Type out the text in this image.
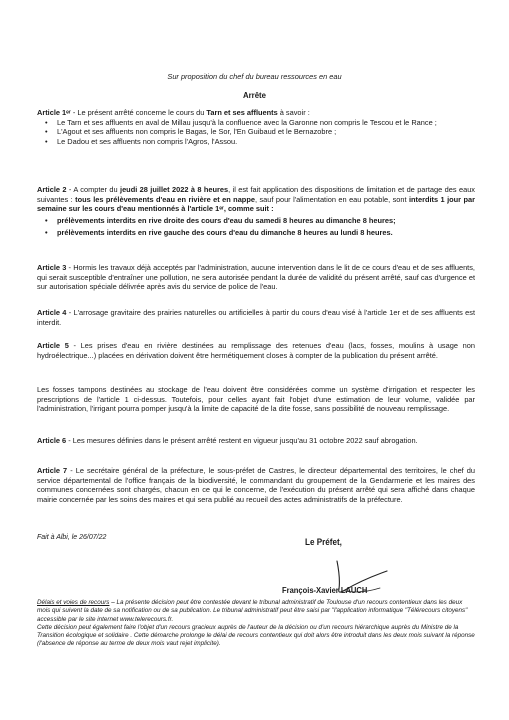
Sur proposition du chef du bureau ressources en eau
Arrête

Article 1ᵉʳ - Le présent arrêté concerne le cours du Tarn et ses affluents à savoir :

• Le Tarn et ses affluents en aval de Millau jusqu'à la confluence avec la Garonne non compris le Tescou et le Rance ;
• L'Agout et ses affluents non compris le Bagas, le Sor, l'En Guibaud et le Bernazobre ;
• Le Dadou et ses affluents non compris l'Agros, l'Assou.

Article 2 - A compter du jeudi 28 juillet 2022 à 8 heures, il est fait application des dispositions de limitation et de partage des eaux suivantes : tous les prélèvements d'eau en rivière et en nappe, sauf pour l'alimentation en eau potable, sont interdits 1 jour par semaine sur les cours d'eau mentionnés à l'article 1ᵉʳ, comme suit :

• prélèvements interdits en rive droite des cours d'eau du samedi 8 heures au dimanche 8 heures;
• prélèvements interdits en rive gauche des cours d'eau du dimanche 8 heures au lundi 8 heures.

Article 3 - Hormis les travaux déjà acceptés par l'administration, aucune intervention dans le lit de ce cours d'eau et de ses affluents, qui serait susceptible d'entraîner une pollution, ne sera autorisée pendant la durée de validité du présent arrêté, sauf cas d'urgence et sur autorisation spéciale délivrée après avis du service de police de l'eau.

Article 4 - L'arrosage gravitaire des prairies naturelles ou artificielles à partir du cours d'eau visé à l'article 1er et de ses affluents est interdit.

Article 5 - Les prises d'eau en rivière destinées au remplissage des retenues d'eau (lacs, fosses, moulins à usage non hydroélectrique...) placées en dérivation doivent être hermétiquement closes à compter de la publication du présent arrêté.

Les fosses tampons destinées au stockage de l'eau doivent être considérées comme un système d'irrigation et respecter les prescriptions de l'article 1 ci-dessus. Toutefois, pour celles ayant fait l'objet d'une estimation de leur volume, validée par l'administration, l'irrigant pourra pomper jusqu'à la limite de capacité de la dite fosse, sans possibilité de nouveau remplissage.

Article 6 - Les mesures définies dans le présent arrêté restent en vigueur jusqu'au 31 octobre 2022 sauf abrogation.

Article 7 - Le secrétaire général de la préfecture, le sous-préfet de Castres, le directeur départemental des territoires, le chef du service départemental de l'office français de la biodiversité, le commandant du groupement de la Gendarmerie et les maires des communes concernées sont chargés, chacun en ce qui le concerne, de l'exécution du présent arrêté qui sera affiché dans chaque mairie concernée par les soins des maires et qui sera publié au recueil des actes administratifs de la préfecture.

Fait à Albi, le 26/07/22	Le Préfet,
François-Xavier LAUCH

Délais et voies de recours – La présente décision peut être contestée devant le tribunal administratif de Toulouse d'un recours contentieux dans les deux mois qui suivent la date de sa notification ou de sa publication. Le tribunal administratif peut être saisi par "l'application informatique "Télérecours citoyens" accessible par le site internet www.telerecours.fr.

Cette décision peut également faire l'objet d'un recours gracieux auprès de l'auteur de la décision ou d'un recours hiérarchique auprès du Ministre de la Transition écologique et solidaire . Cette démarche prolonge le délai de recours contentieux qui doit alors être introduit dans les deux mois suivant la réponse (l'absence de réponse au terme de deux mois vaut rejet implicite).
